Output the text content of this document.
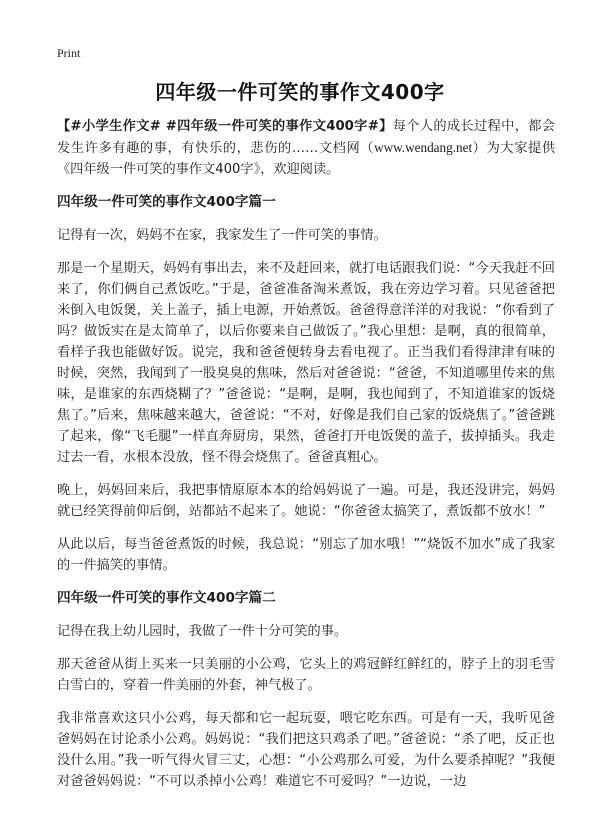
Print
四年级一件可笑的事作文400字

【#小学生作文# #四年级一件可笑的事作文400字#】每个人的成长过程中，都会发生许多有趣的事，有快乐的，悲伤的……文档网（www.wendang.net）为大家提供《四年级一件可笑的事作文400字》，欢迎阅读。

四年级一件可笑的事作文400字篇一

记得有一次，妈妈不在家，我家发生了一件可笑的事情。

那是一个星期天，妈妈有事出去，来不及赶回来，就打电话跟我们说：“今天我赶不回来了，你们俩自己煮饭吃。”于是，爸爸准备淘米煮饭，我在旁边学习着。只见爸爸把米倒入电饭煲，关上盖子，插上电源，开始煮饭。爸爸得意洋洋的对我说：“你看到了吗？做饭实在是太简单了，以后你要来自己做饭了。”我心里想：是啊，真的很简单，看样子我也能做好饭。说完，我和爸爸便转身去看电视了。正当我们看得津津有味的时候，突然，我闻到了一股臭臭的焦味，然后对爸爸说：“爸爸，不知道哪里传来的焦味，是谁家的东西烧糊了？”爸爸说：“是啊，是啊，我也闻到了，不知道谁家的饭烧焦了。”后来，焦味越来越大，爸爸说：“不对，好像是我们自己家的饭烧焦了。”爸爸跳了起来，像“飞毛腿”一样直奔厨房，果然，爸爸打开电饭煲的盖子，拔掉插头。我走过去一看，水根本没放，怪不得会烧焦了。爸爸真粗心。

晚上，妈妈回来后，我把事情原原本本的给妈妈说了一遍。可是，我还没讲完，妈妈就已经笑得前仰后倒，站都站不起来了。她说：“你爸爸太搞笑了，煮饭都不放水！”

从此以后，每当爸爸煮饭的时候，我总说：“别忘了加水哦！”“烧饭不加水”成了我家的一件搞笑的事情。

四年级一件可笑的事作文400字篇二

记得在我上幼儿园时，我做了一件十分可笑的事。

那天爸爸从街上买来一只美丽的小公鸡，它头上的鸡冠鲜红鲜红的，脖子上的羽毛雪白雪白的，穿着一件美丽的外套，神气极了。

我非常喜欢这只小公鸡，每天都和它一起玩耍，喂它吃东西。可是有一天，我听见爸爸妈妈在讨论杀小公鸡。妈妈说：“我们把这只鸡杀了吧。”爸爸说：“杀了吧，反正也没什么用。”我一听气得火冒三丈，心想：“小公鸡那么可爱，为什么要杀掉呢？”我便对爸爸妈妈说：“不可以杀掉小公鸡！难道它不可爱吗？”一边说，一边
